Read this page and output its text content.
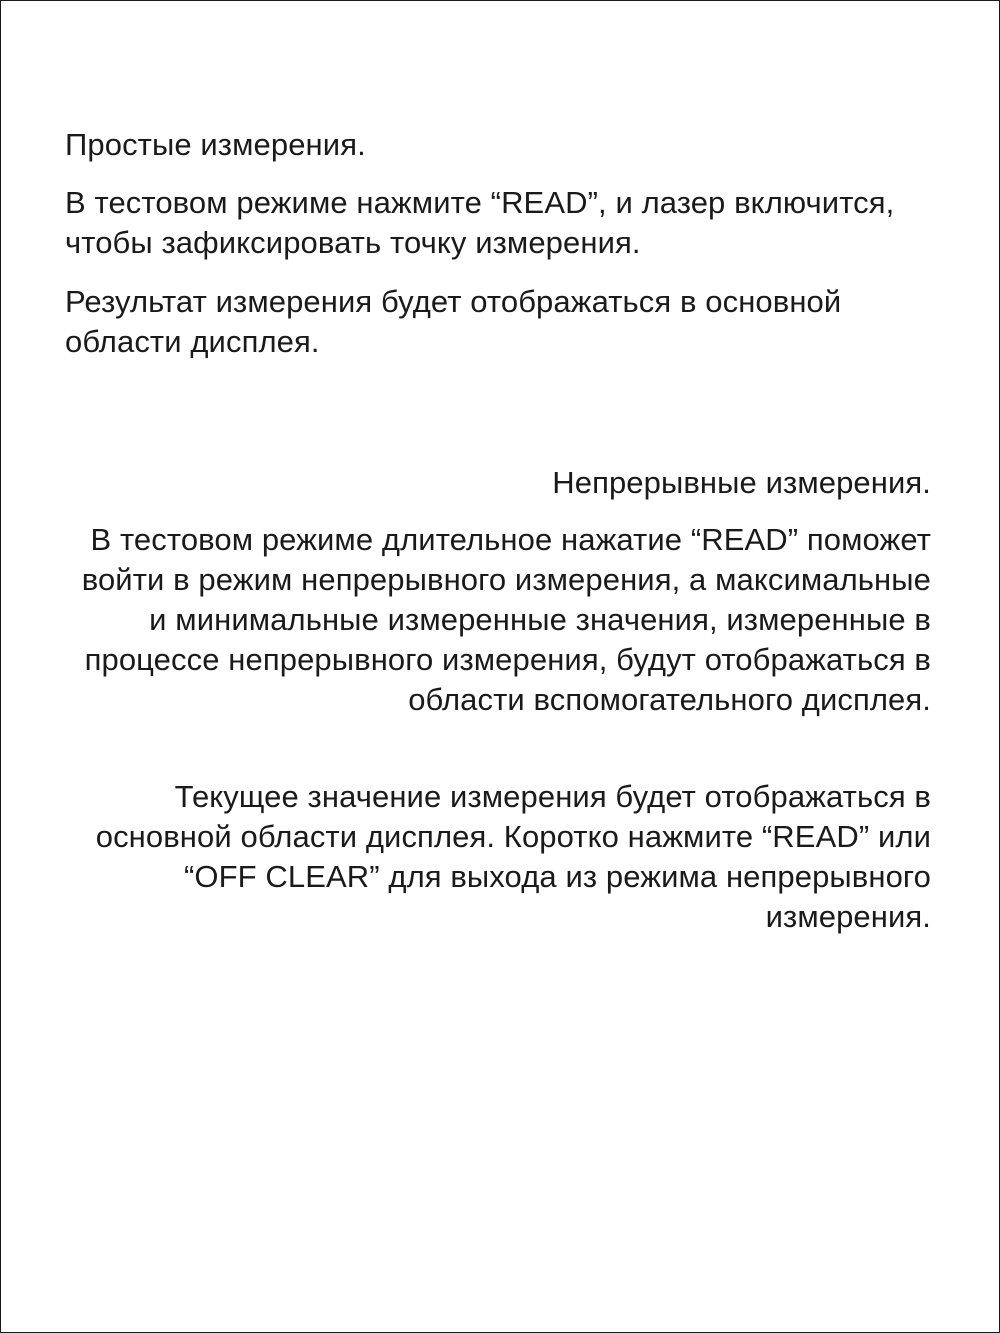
Простые измерения.

В тестовом режиме нажмите “READ”, и лазер включится, чтобы зафиксировать точку измерения.

Результат измерения будет отображаться в основной области дисплея.

Непрерывные измерения.

В тестовом режиме длительное нажатие “READ” поможет войти в режим непрерывного измерения, а максимальные и минимальные измеренные значения, измеренные в процессе непрерывного измерения, будут отображаться в области вспомогательного дисплея.

Текущее значение измерения будет отображаться в основной области дисплея. Коротко нажмите “READ” или “OFF CLEAR” для выхода из режима непрерывного измерения.
